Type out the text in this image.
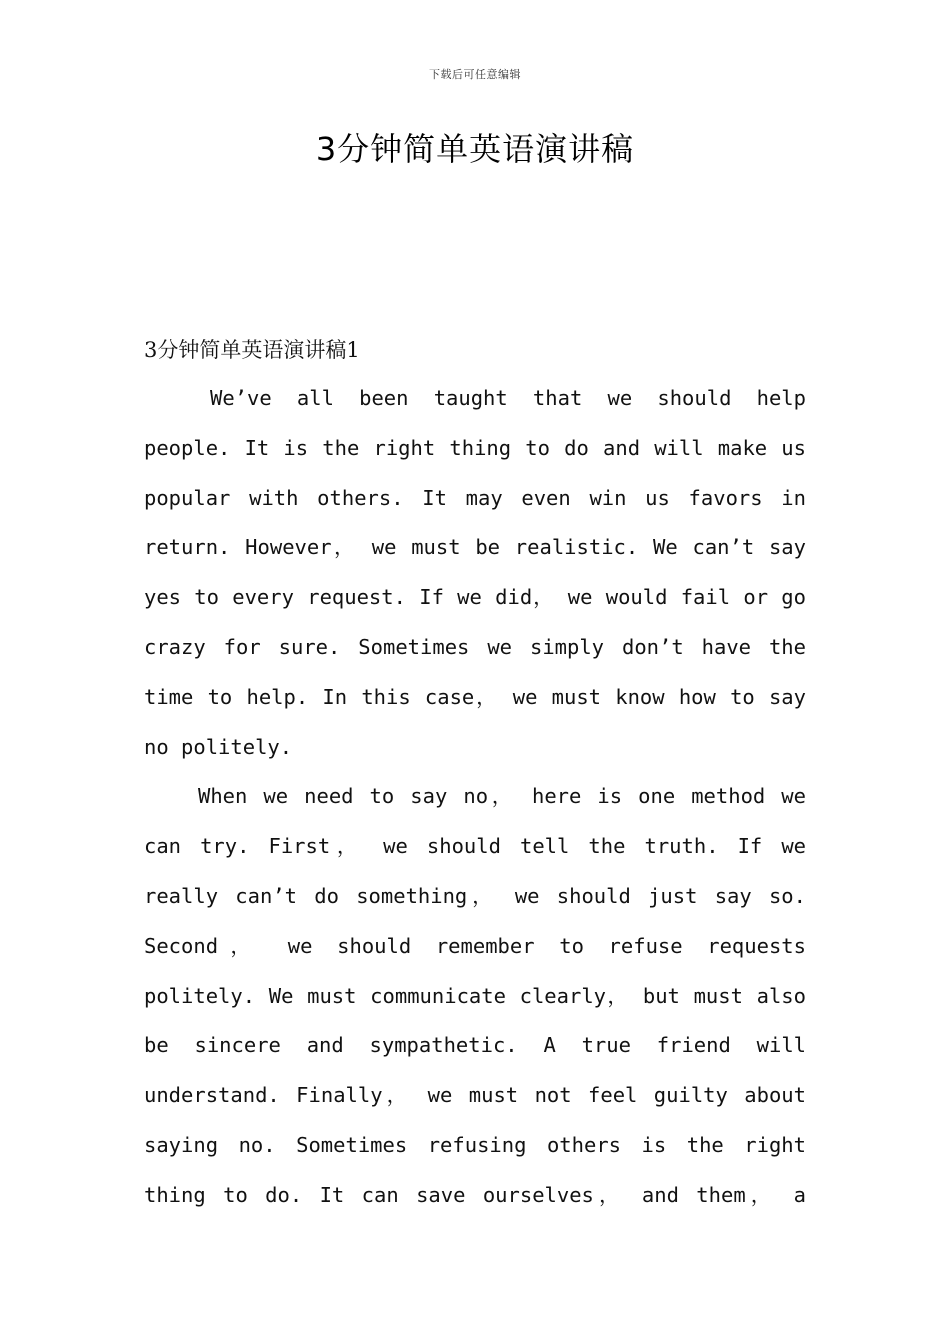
下载后可任意编辑
3分钟简单英语演讲稿
3分钟简单英语演讲稿1

We’ve all been taught that we should help people. It is the right thing to do and will make us popular with others. It may even win us favors in return. However， we must be realistic. We can’t say yes to every request. If we did， we would fail or go crazy for sure. Sometimes we simply don’t have the time to help. In this case， we must know how to say no politely.

When we need to say no， here is one method we can try. First， we should tell the truth. If we really can’t do something， we should just say so. Second， we should remember to refuse requests politely. We must communicate clearly， but must also be sincere and sympathetic. A true friend will understand. Finally， we must not feel guilty about saying no. Sometimes refusing others is the right thing to do. It can save ourselves， and them， a
